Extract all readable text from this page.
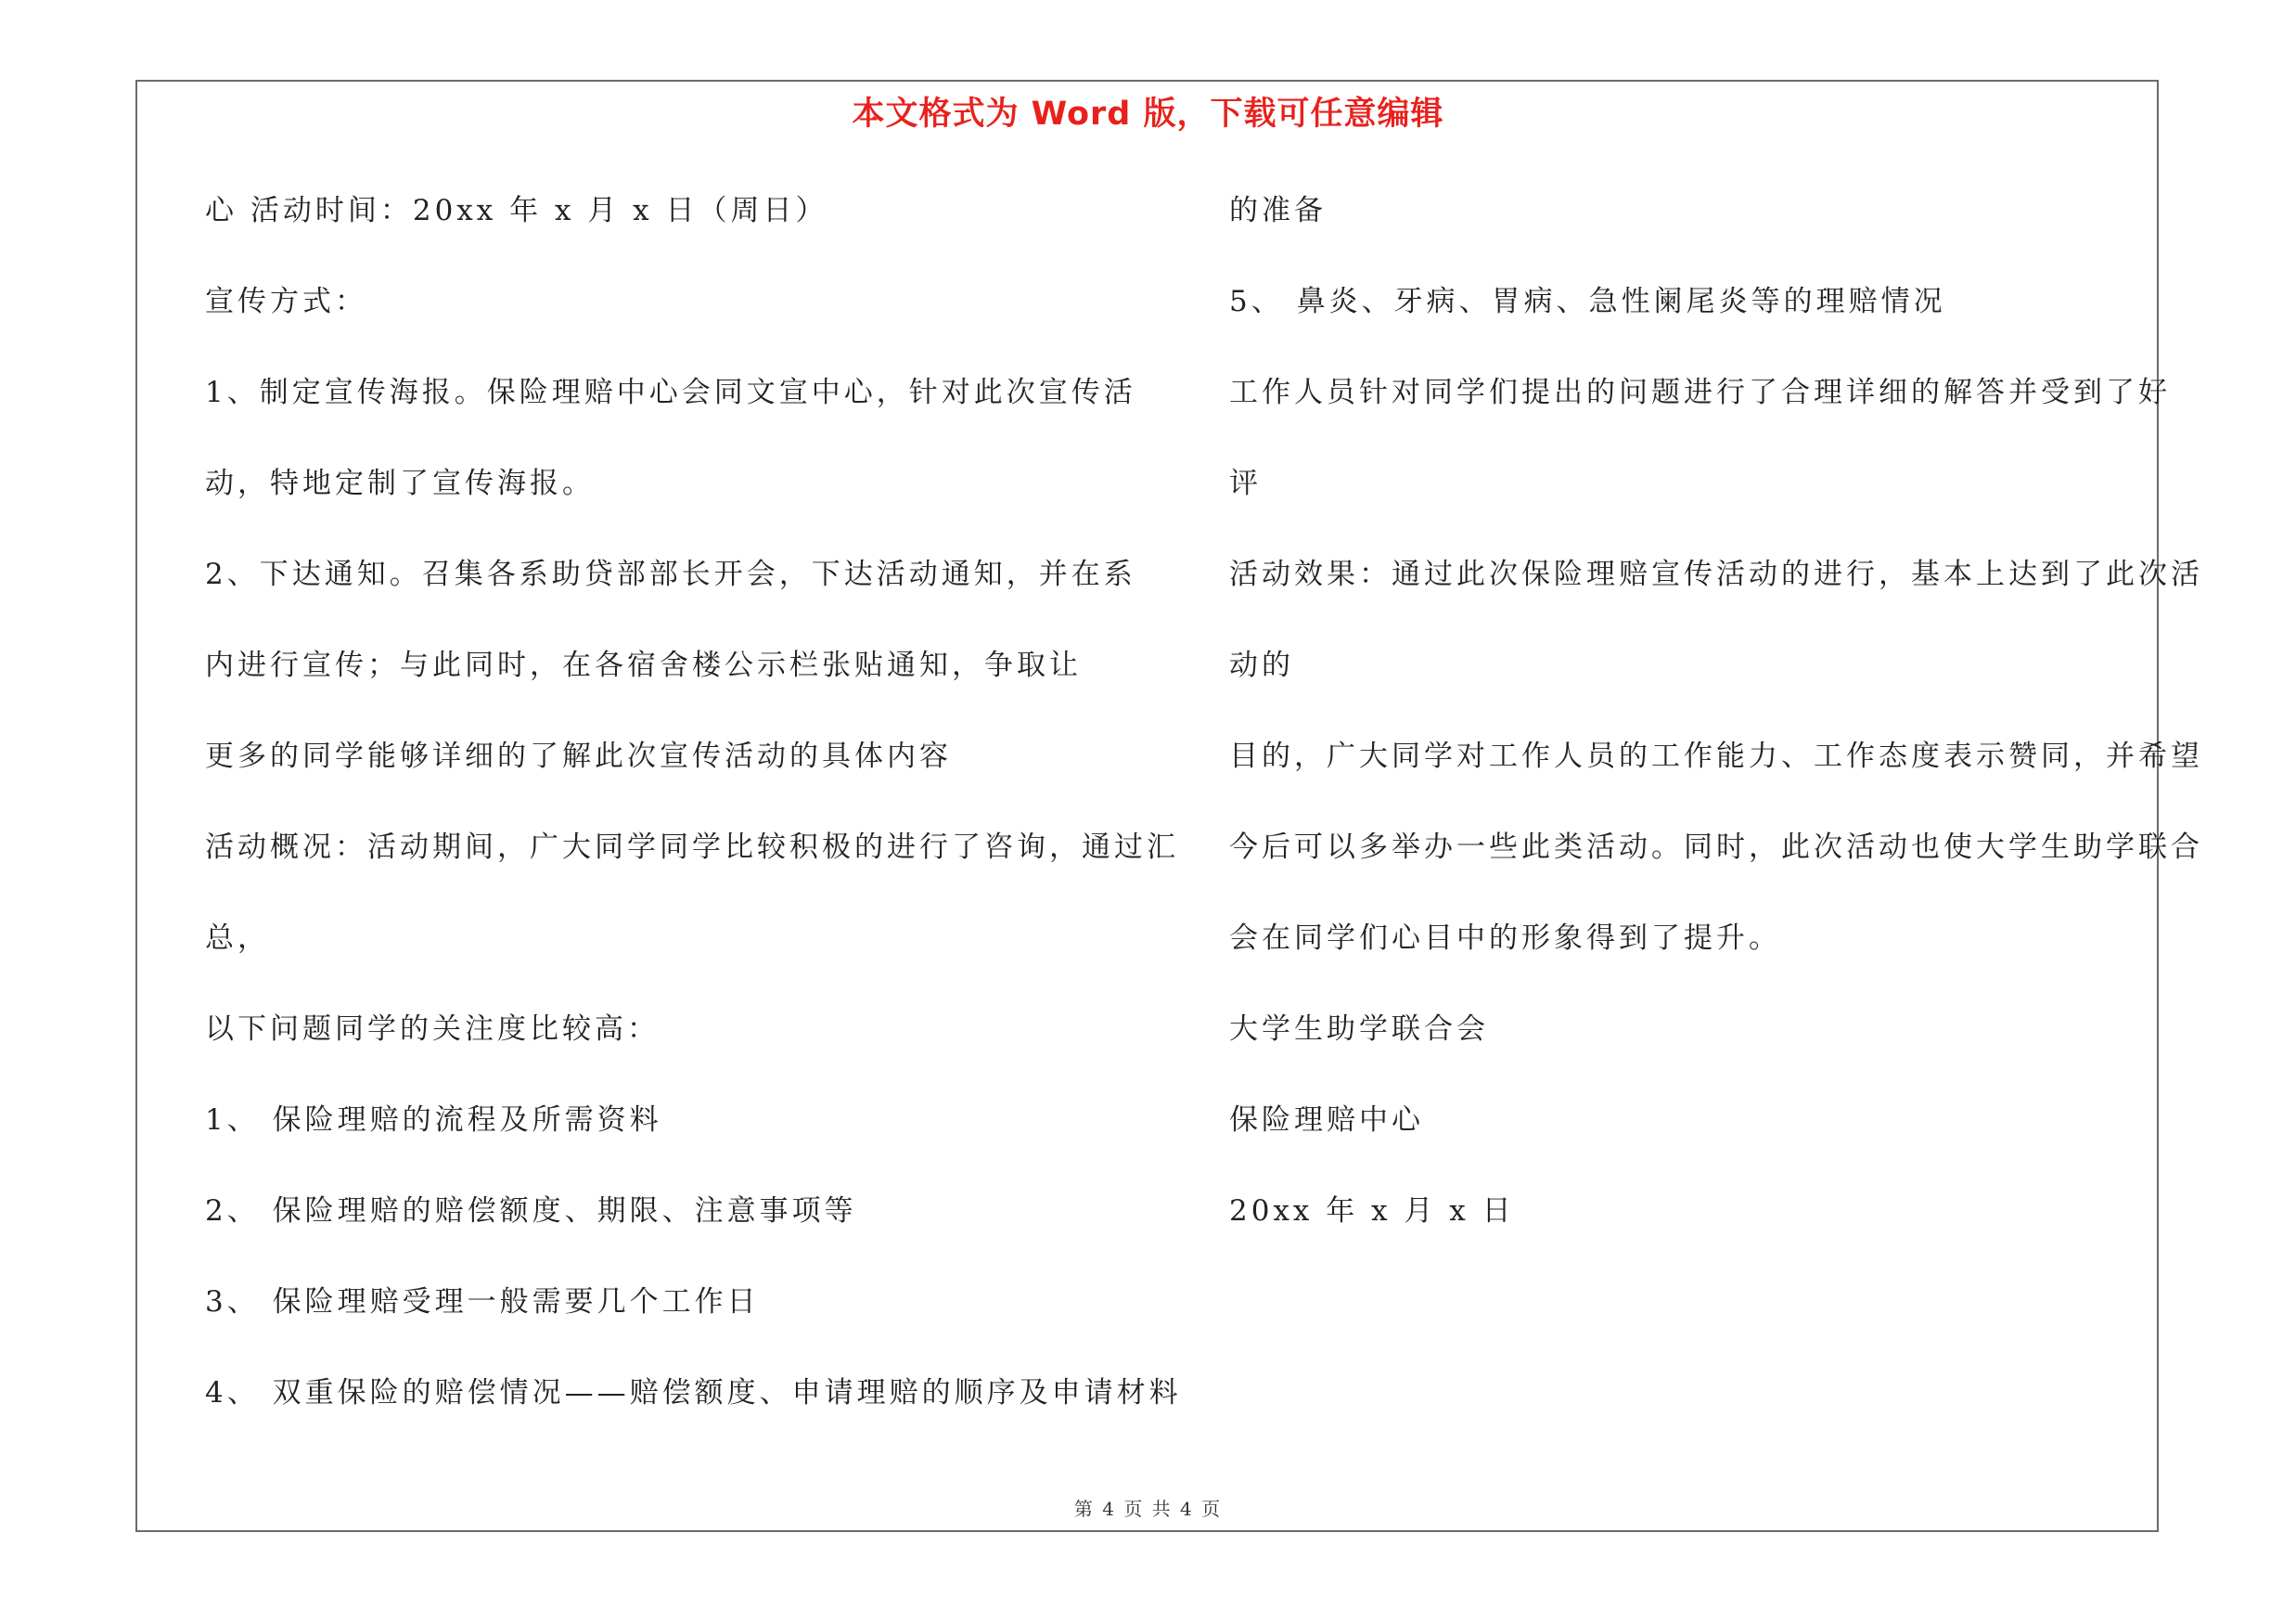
本文格式为 Word 版，下载可任意编辑
心 活动时间：20xx 年 x 月 x 日（周日）
宣传方式：
1、制定宣传海报。保险理赔中心会同文宣中心，针对此次宣传活
动，特地定制了宣传海报。
2、下达通知。召集各系助贷部部长开会，下达活动通知，并在系
内进行宣传；与此同时，在各宿舍楼公示栏张贴通知，争取让
更多的同学能够详细的了解此次宣传活动的具体内容
活动概况：活动期间，广大同学同学比较积极的进行了咨询，通过汇
总，
以下问题同学的关注度比较高：
1、 保险理赔的流程及所需资料
2、 保险理赔的赔偿额度、期限、注意事项等
3、 保险理赔受理一般需要几个工作日
4、 双重保险的赔偿情况——赔偿额度、申请理赔的顺序及申请材料
的准备
5、 鼻炎、牙病、胃病、急性阑尾炎等的理赔情况
工作人员针对同学们提出的问题进行了合理详细的解答并受到了好
评
活动效果：通过此次保险理赔宣传活动的进行，基本上达到了此次活
动的
目的，广大同学对工作人员的工作能力、工作态度表示赞同，并希望
今后可以多举办一些此类活动。同时，此次活动也使大学生助学联合
会在同学们心目中的形象得到了提升。
大学生助学联合会
保险理赔中心
20xx 年 x 月 x 日
第 4 页 共 4 页
